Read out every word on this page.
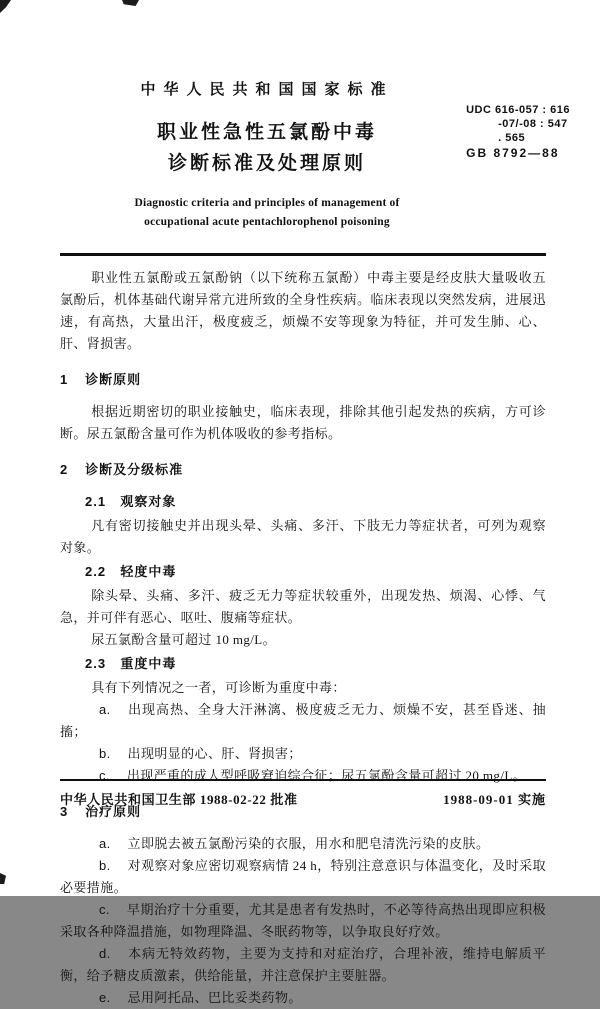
中华人民共和国国家标准
职业性急性五氯酚中毒
诊断标准及处理原则
Diagnostic criteria and principles of management of
occupational acute pentachlorophenol poisoning
UDC 616-057 : 616
-07/-08 : 547
. 565
GB 8792—88

职业性五氯酚或五氯酚钠（以下统称五氯酚）中毒主要是经皮肤大量吸收五氯酚后，机体基础代谢异常亢进所致的全身性疾病。临床表现以突然发病，进展迅速，有高热，大量出汗，极度疲乏，烦燥不安等现象为特征，并可发生肺、心、肝、肾损害。

1 诊断原则

根据近期密切的职业接触史，临床表现，排除其他引起发热的疾病，方可诊断。尿五氯酚含量可作为机体吸收的参考指标。

2 诊断及分级标准
2.1 观察对象

凡有密切接触史并出现头晕、头痛、多汗、下肢无力等症状者，可列为观察对象。

2.2 轻度中毒

除头晕、头痛、多汗、疲乏无力等症状较重外，出现发热、烦渴、心悸、气急，并可伴有恶心、呕吐、腹痛等症状。

尿五氯酚含量可超过 10 mg/L。

2.3 重度中毒

具有下列情况之一者，可诊断为重度中毒：

a. 出现高热、全身大汗淋漓、极度疲乏无力、烦燥不安，甚至昏迷、抽搐；

b. 出现明显的心、肝、肾损害；

c. 出现严重的成人型呼吸窘迫综合征；尿五氯酚含量可超过 20 mg/L。

3 治疗原则

a. 立即脱去被五氯酚污染的衣服，用水和肥皂清洗污染的皮肤。

b. 对观察对象应密切观察病情 24 h，特别注意意识与体温变化，及时采取必要措施。

c. 早期治疗十分重要，尤其是患者有发热时，不必等待高热出现即应积极采取各种降温措施，如物理降温、冬眠药物等，以争取良好疗效。

d. 本病无特效药物，主要为支持和对症治疗，合理补液，维持电解质平衡，给予糖皮质激素，供给能量，并注意保护主要脏器。

e. 忌用阿托品、巴比妥类药物。

中华人民共和国卫生部 1988-02-22 批准	1988-09-01 实施
